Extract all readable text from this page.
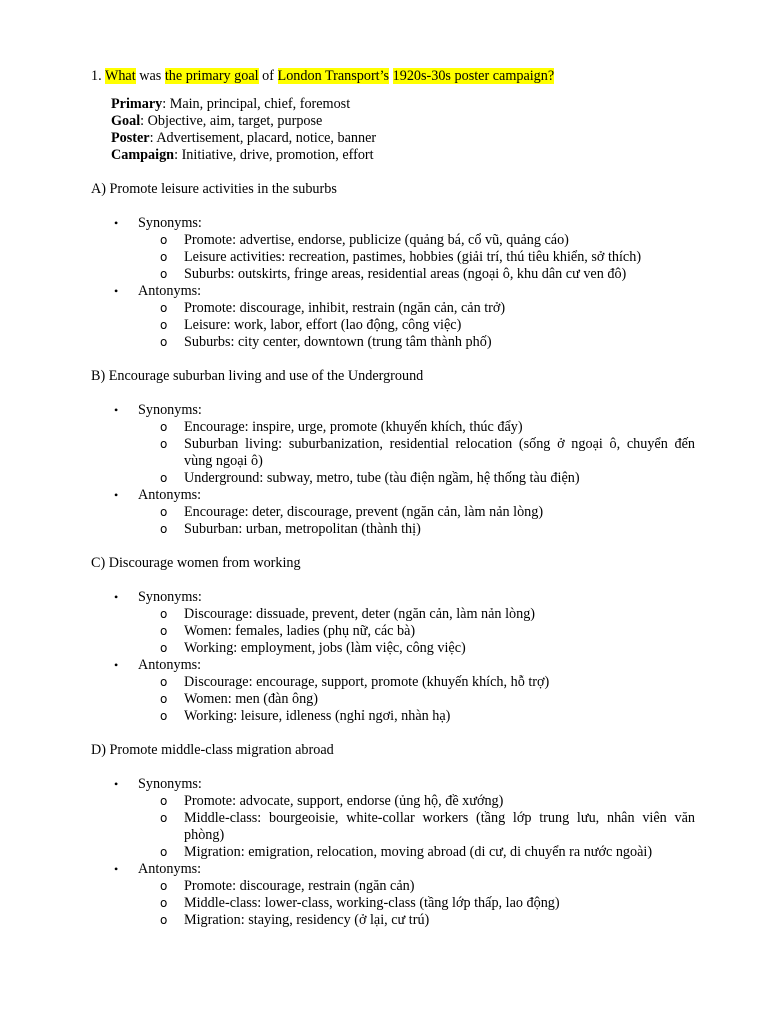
1. What was the primary goal of London Transport’s 1920s-30s poster campaign?

Primary: Main, principal, chief, foremost
Goal: Objective, aim, target, purpose
Poster: Advertisement, placard, notice, banner
Campaign: Initiative, drive, promotion, effort
A) Promote leisure activities in the suburbs
• Synonyms:
o Promote: advertise, endorse, publicize (quảng bá, cổ vũ, quảng cáo)
o Leisure activities: recreation, pastimes, hobbies (giải trí, thú tiêu khiển, sở thích)
o Suburbs: outskirts, fringe areas, residential areas (ngoại ô, khu dân cư ven đô)
• Antonyms:
o Promote: discourage, inhibit, restrain (ngăn cản, cản trở)
o Leisure: work, labor, effort (lao động, công việc)
o Suburbs: city center, downtown (trung tâm thành phố)
B) Encourage suburban living and use of the Underground
• Synonyms:
o Encourage: inspire, urge, promote (khuyến khích, thúc đẩy)
o Suburban living: suburbanization, residential relocation (sống ở ngoại ô, chuyển đến vùng ngoại ô)
o Underground: subway, metro, tube (tàu điện ngầm, hệ thống tàu điện)
• Antonyms:
o Encourage: deter, discourage, prevent (ngăn cản, làm nản lòng)
o Suburban: urban, metropolitan (thành thị)
C) Discourage women from working
• Synonyms:
o Discourage: dissuade, prevent, deter (ngăn cản, làm nản lòng)
o Women: females, ladies (phụ nữ, các bà)
o Working: employment, jobs (làm việc, công việc)
• Antonyms:
o Discourage: encourage, support, promote (khuyến khích, hỗ trợ)
o Women: men (đàn ông)
o Working: leisure, idleness (nghỉ ngơi, nhàn hạ)
D) Promote middle-class migration abroad
• Synonyms:
o Promote: advocate, support, endorse (ủng hộ, đề xướng)
o Middle-class: bourgeoisie, white-collar workers (tầng lớp trung lưu, nhân viên văn phòng)
o Migration: emigration, relocation, moving abroad (di cư, di chuyển ra nước ngoài)
• Antonyms:
o Promote: discourage, restrain (ngăn cản)
o Middle-class: lower-class, working-class (tầng lớp thấp, lao động)
o Migration: staying, residency (ở lại, cư trú)
